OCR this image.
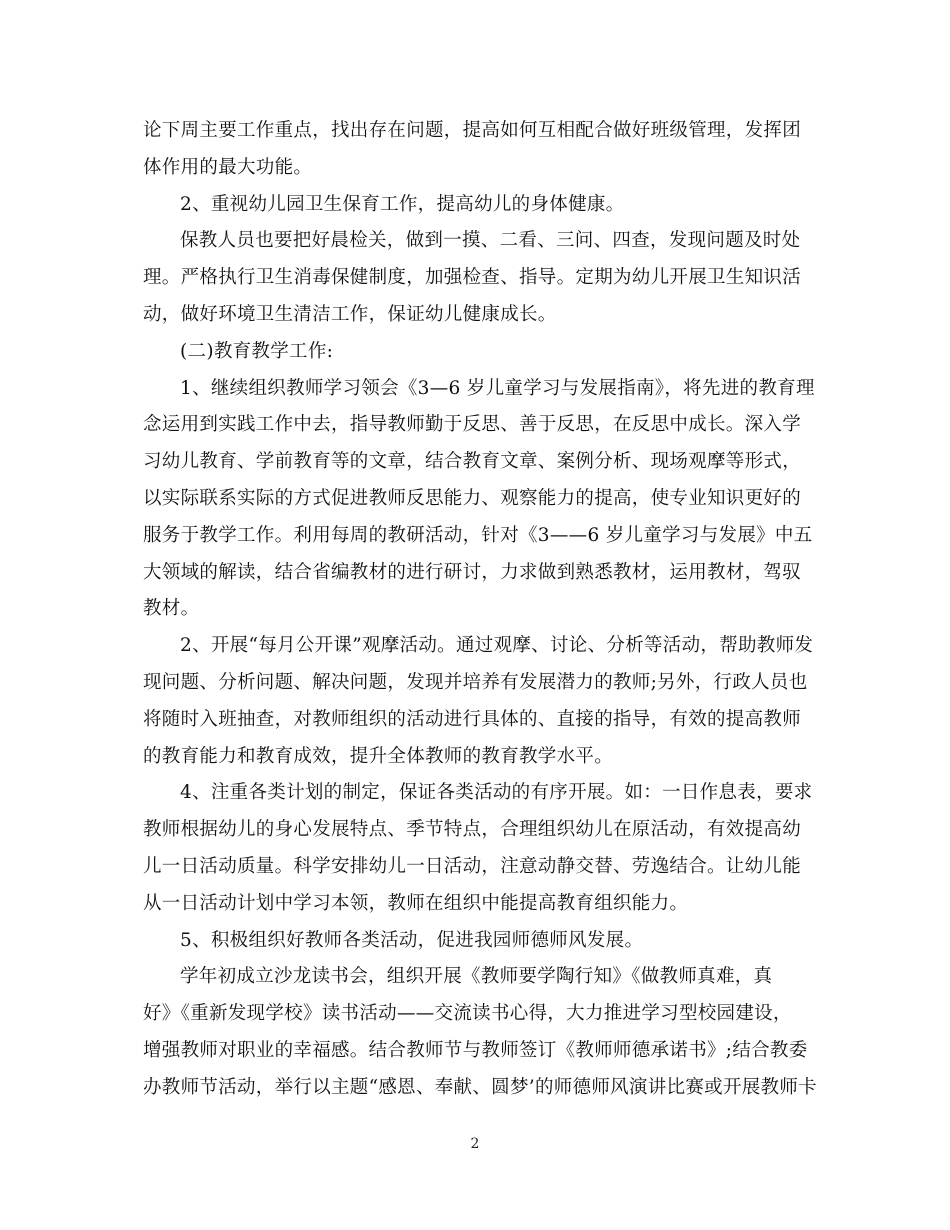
论下周主要工作重点，找出存在问题，提高如何互相配合做好班级管理，发挥团
体作用的最大功能。
2、重视幼儿园卫生保育工作，提高幼儿的身体健康。
保教人员也要把好晨检关，做到一摸、二看、三问、四查，发现问题及时处
理。严格执行卫生消毒保健制度，加强检查、指导。定期为幼儿开展卫生知识活
动，做好环境卫生清洁工作，保证幼儿健康成长。
(二)教育教学工作:
1、继续组织教师学习领会《3—6 岁儿童学习与发展指南》，将先进的教育理
念运用到实践工作中去，指导教师勤于反思、善于反思，在反思中成长。深入学
习幼儿教育、学前教育等的文章，结合教育文章、案例分析、现场观摩等形式，
以实际联系实际的方式促进教师反思能力、观察能力的提高，使专业知识更好的
服务于教学工作。利用每周的教研活动，针对《3——6 岁儿童学习与发展》中五
大领域的解读，结合省编教材的进行研讨，力求做到熟悉教材，运用教材，驾驭
教材。
2、开展“每月公开课”观摩活动。通过观摩、讨论、分析等活动，帮助教师发
现问题、分析问题、解决问题，发现并培养有发展潜力的教师;另外，行政人员也
将随时入班抽查，对教师组织的活动进行具体的、直接的指导，有效的提高教师
的教育能力和教育成效，提升全体教师的教育教学水平。
4、注重各类计划的制定，保证各类活动的有序开展。如：一日作息表，要求
教师根据幼儿的身心发展特点、季节特点，合理组织幼儿在原活动，有效提高幼
儿一日活动质量。科学安排幼儿一日活动，注意动静交替、劳逸结合。让幼儿能
从一日活动计划中学习本领，教师在组织中能提高教育组织能力。
5、积极组织好教师各类活动，促进我园师德师风发展。
学年初成立沙龙读书会，组织开展《教师要学陶行知》《做教师真难，真
好》《重新发现学校》读书活动——交流读书心得，大力推进学习型校园建设，
增强教师对职业的幸福感。结合教师节与教师签订《教师师德承诺书》;结合教委
办教师节活动，举行以主题“感恩、奉献、圆梦’的师德师风演讲比赛或开展教师卡
2
